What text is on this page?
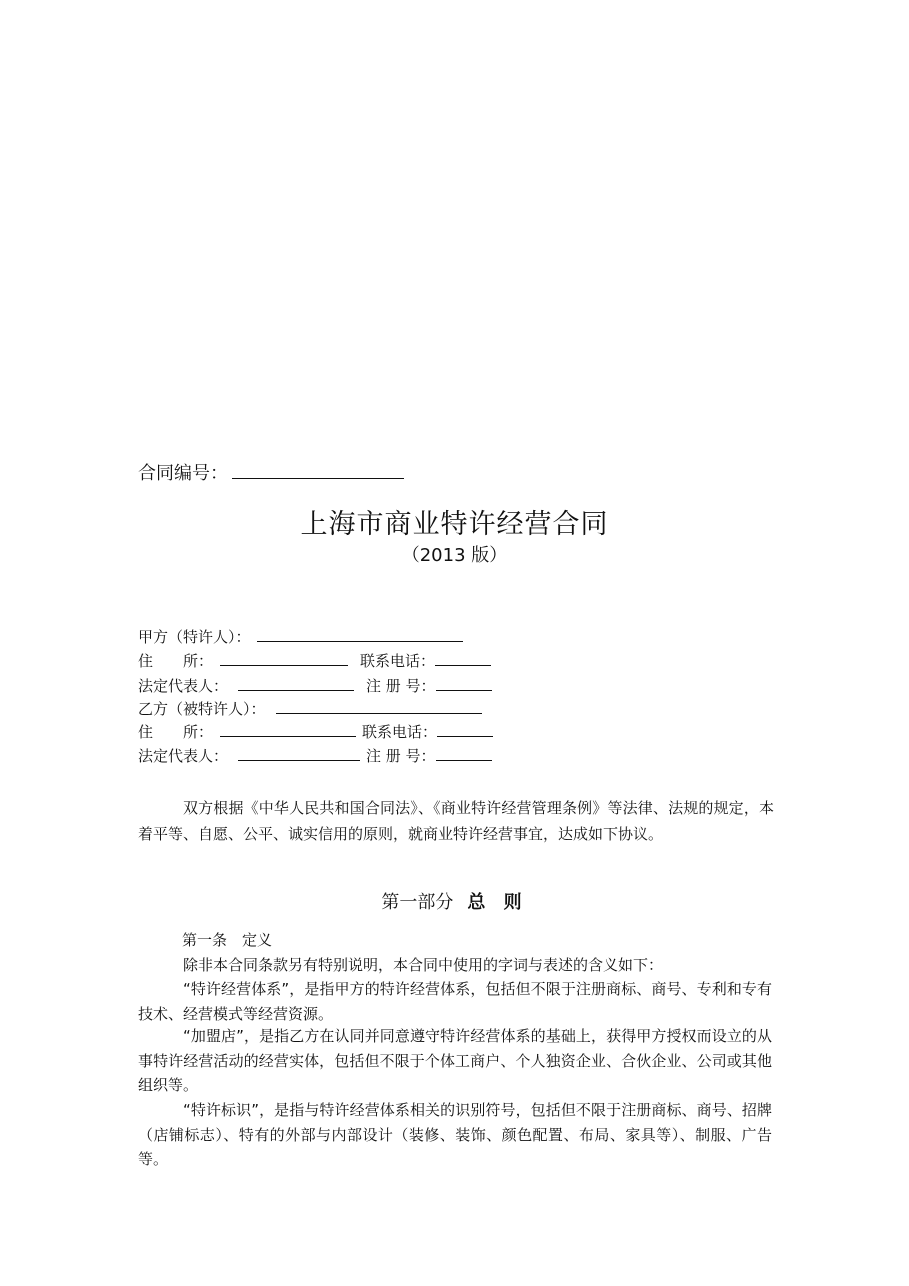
合同编号：
上海市商业特许经营合同
（2013 版）
甲方（特许人）：
住　　所：	联系电话：
法定代表人：	注 册 号：
乙方（被特许人）：
住　　所：	联系电话：
法定代表人：	注 册 号：
双方根据《中华人民共和国合同法》、《商业特许经营管理条例》等法律、法规的规定，本着平等、自愿、公平、诚实信用的原则，就商业特许经营事宜，达成如下协议。
第一部分 总 则
第一条　定义
除非本合同条款另有特别说明，本合同中使用的字词与表述的含义如下：
“特许经营体系”，是指甲方的特许经营体系，包括但不限于注册商标、商号、专利和专有技术、经营模式等经营资源。
“加盟店”，是指乙方在认同并同意遵守特许经营体系的基础上，获得甲方授权而设立的从事特许经营活动的经营实体，包括但不限于个体工商户、个人独资企业、合伙企业、公司或其他组织等。
“特许标识”，是指与特许经营体系相关的识别符号，包括但不限于注册商标、商号、招牌（店铺标志）、特有的外部与内部设计（装修、装饰、颜色配置、布局、家具等）、制服、广告等。
